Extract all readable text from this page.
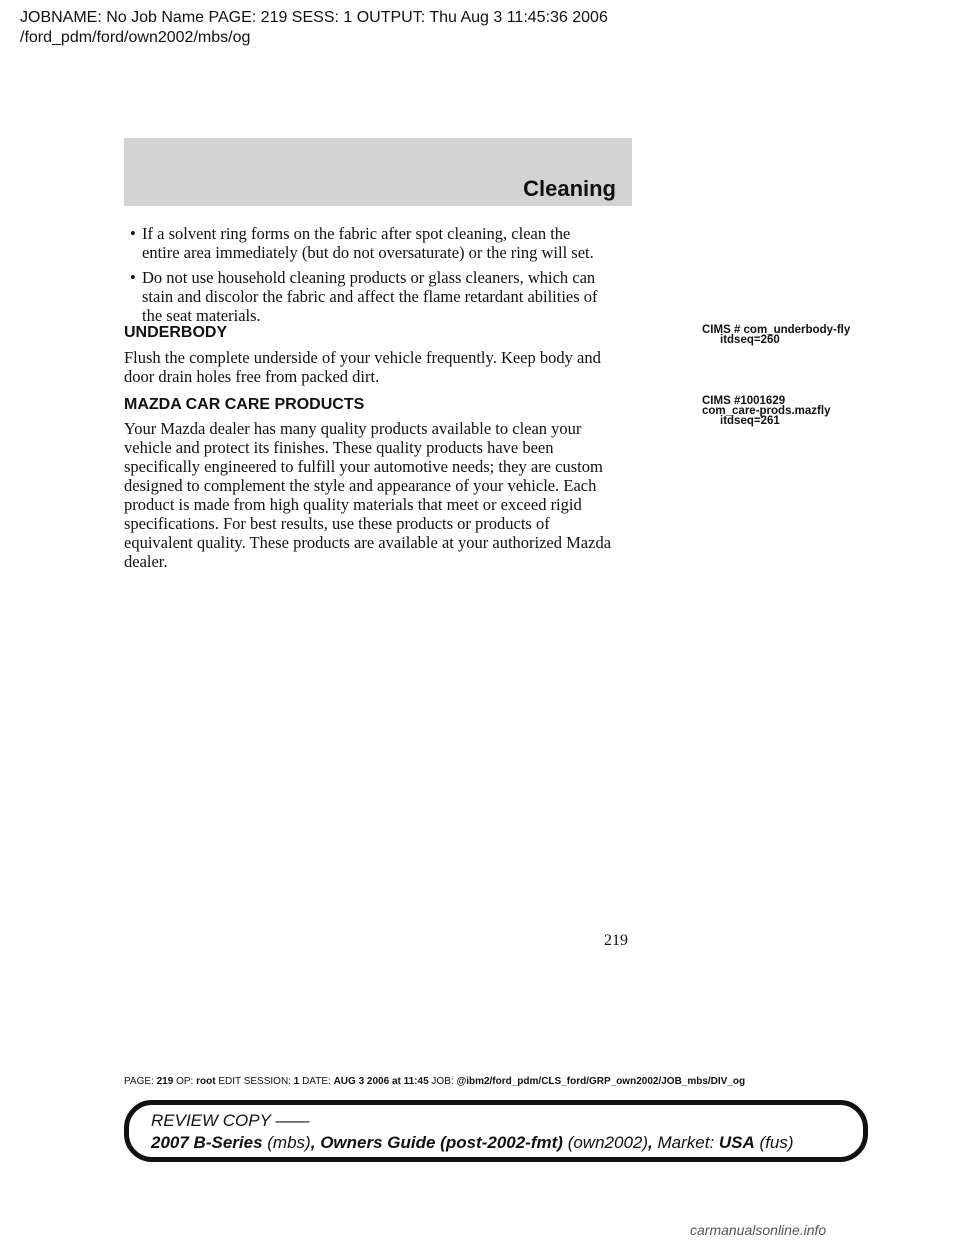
JOBNAME: No Job Name PAGE: 219 SESS: 1 OUTPUT: Thu Aug 3 11:45:36 2006
/ford_pdm/ford/own2002/mbs/og
Cleaning
• If a solvent ring forms on the fabric after spot cleaning, clean the
entire area immediately (but do not oversaturate) or the ring will set.
• Do not use household cleaning products or glass cleaners, which can
stain and discolor the fabric and affect the flame retardant abilities of
the seat materials.
UNDERBODY
Flush the complete underside of your vehicle frequently. Keep body and
door drain holes free from packed dirt.
MAZDA CAR CARE PRODUCTS
Your Mazda dealer has many quality products available to clean your
vehicle and protect its finishes. These quality products have been
specifically engineered to fulfill your automotive needs; they are custom
designed to complement the style and appearance of your vehicle. Each
product is made from high quality materials that meet or exceed rigid
specifications. For best results, use these products or products of
equivalent quality. These products are available at your authorized Mazda
dealer.
CIMS # com_underbody-fly
itdseq=260
CIMS #1001629
com_care-prods.mazfly
itdseq=261
219
PAGE: 219 OP: root EDIT SESSION: 1 DATE: AUG 3 2006 at 11:45 JOB: @ibm2/ford_pdm/CLS_ford/GRP_own2002/JOB_mbs/DIV_og
REVIEW COPY ——
2007 B-Series (mbs), Owners Guide (post-2002-fmt) (own2002), Market: USA (fus)
carmanualsonline.info
